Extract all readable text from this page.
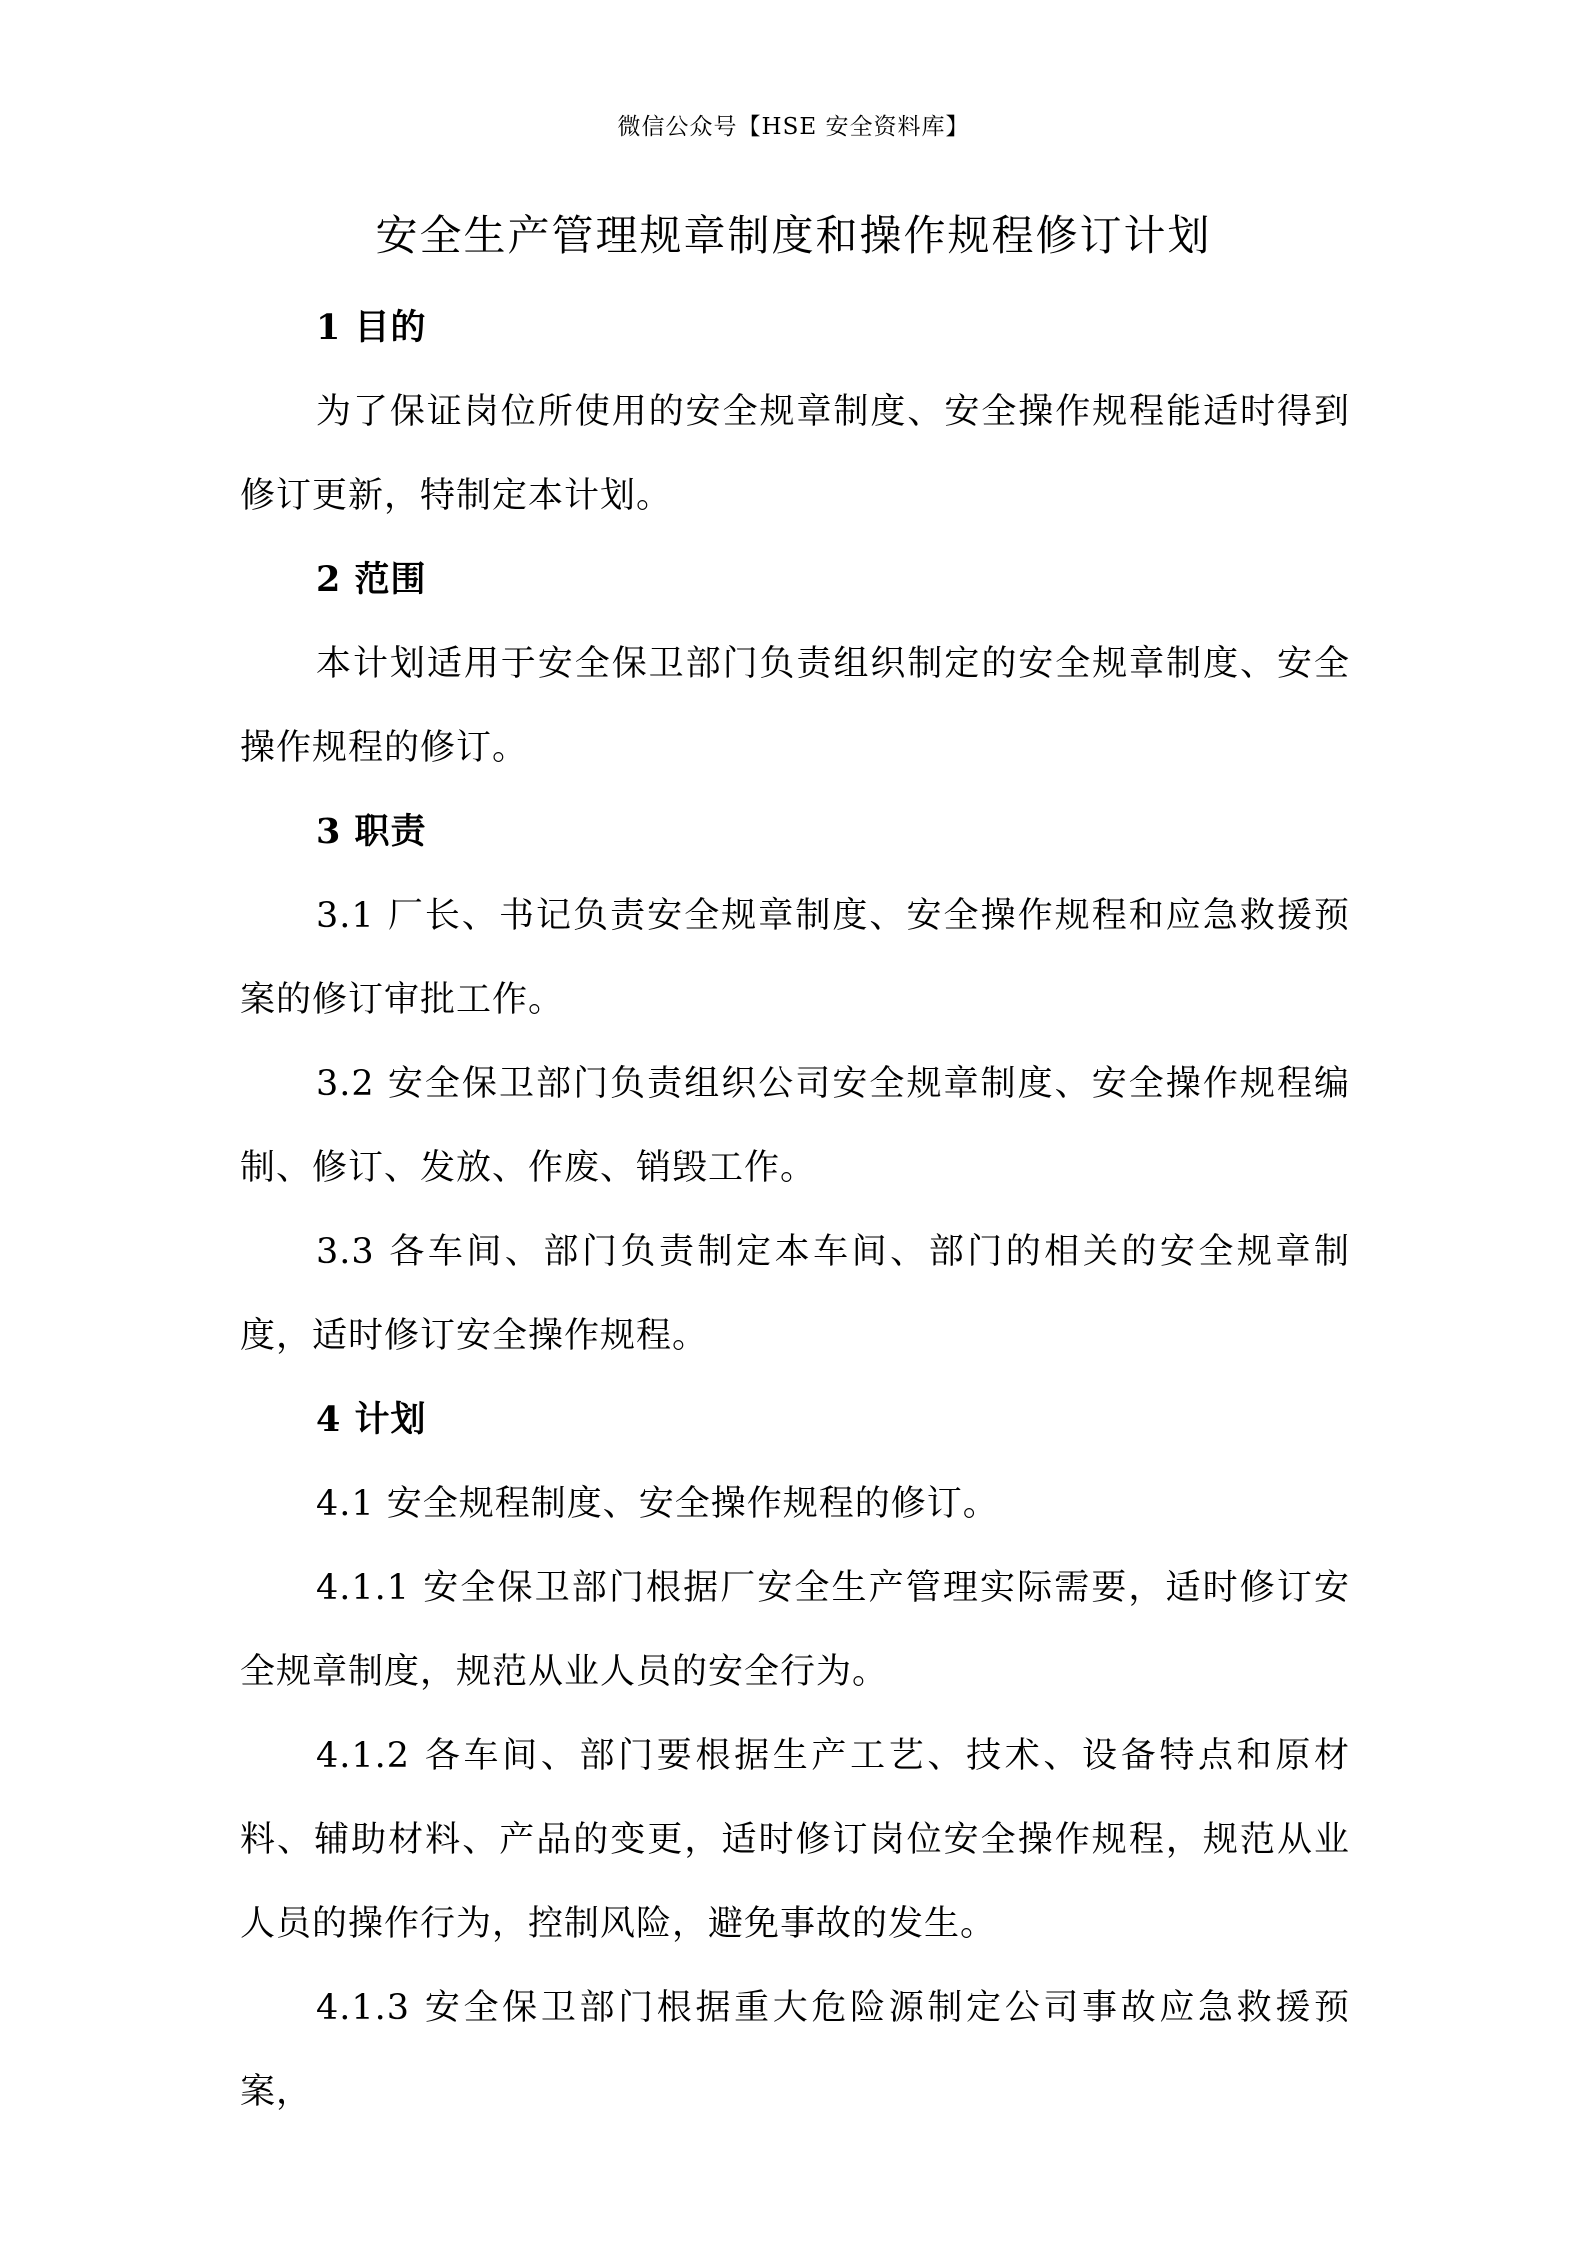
微信公众号【HSE 安全资料库】
安全生产管理规章制度和操作规程修订计划
1 目的

为了保证岗位所使用的安全规章制度、安全操作规程能适时得到修订更新，特制定本计划。

2 范围

本计划适用于安全保卫部门负责组织制定的安全规章制度、安全操作规程的修订。

3 职责

3.1 厂长、书记负责安全规章制度、安全操作规程和应急救援预案的修订审批工作。

3.2 安全保卫部门负责组织公司安全规章制度、安全操作规程编制、修订、发放、作废、销毁工作。

3.3 各车间、部门负责制定本车间、部门的相关的安全规章制度，适时修订安全操作规程。

4 计划

4.1 安全规程制度、安全操作规程的修订。

4.1.1 安全保卫部门根据厂安全生产管理实际需要，适时修订安全规章制度，规范从业人员的安全行为。

4.1.2 各车间、部门要根据生产工艺、技术、设备特点和原材料、辅助材料、产品的变更，适时修订岗位安全操作规程，规范从业人员的操作行为，控制风险，避免事故的发生。

4.1.3 安全保卫部门根据重大危险源制定公司事故应急救援预案，
